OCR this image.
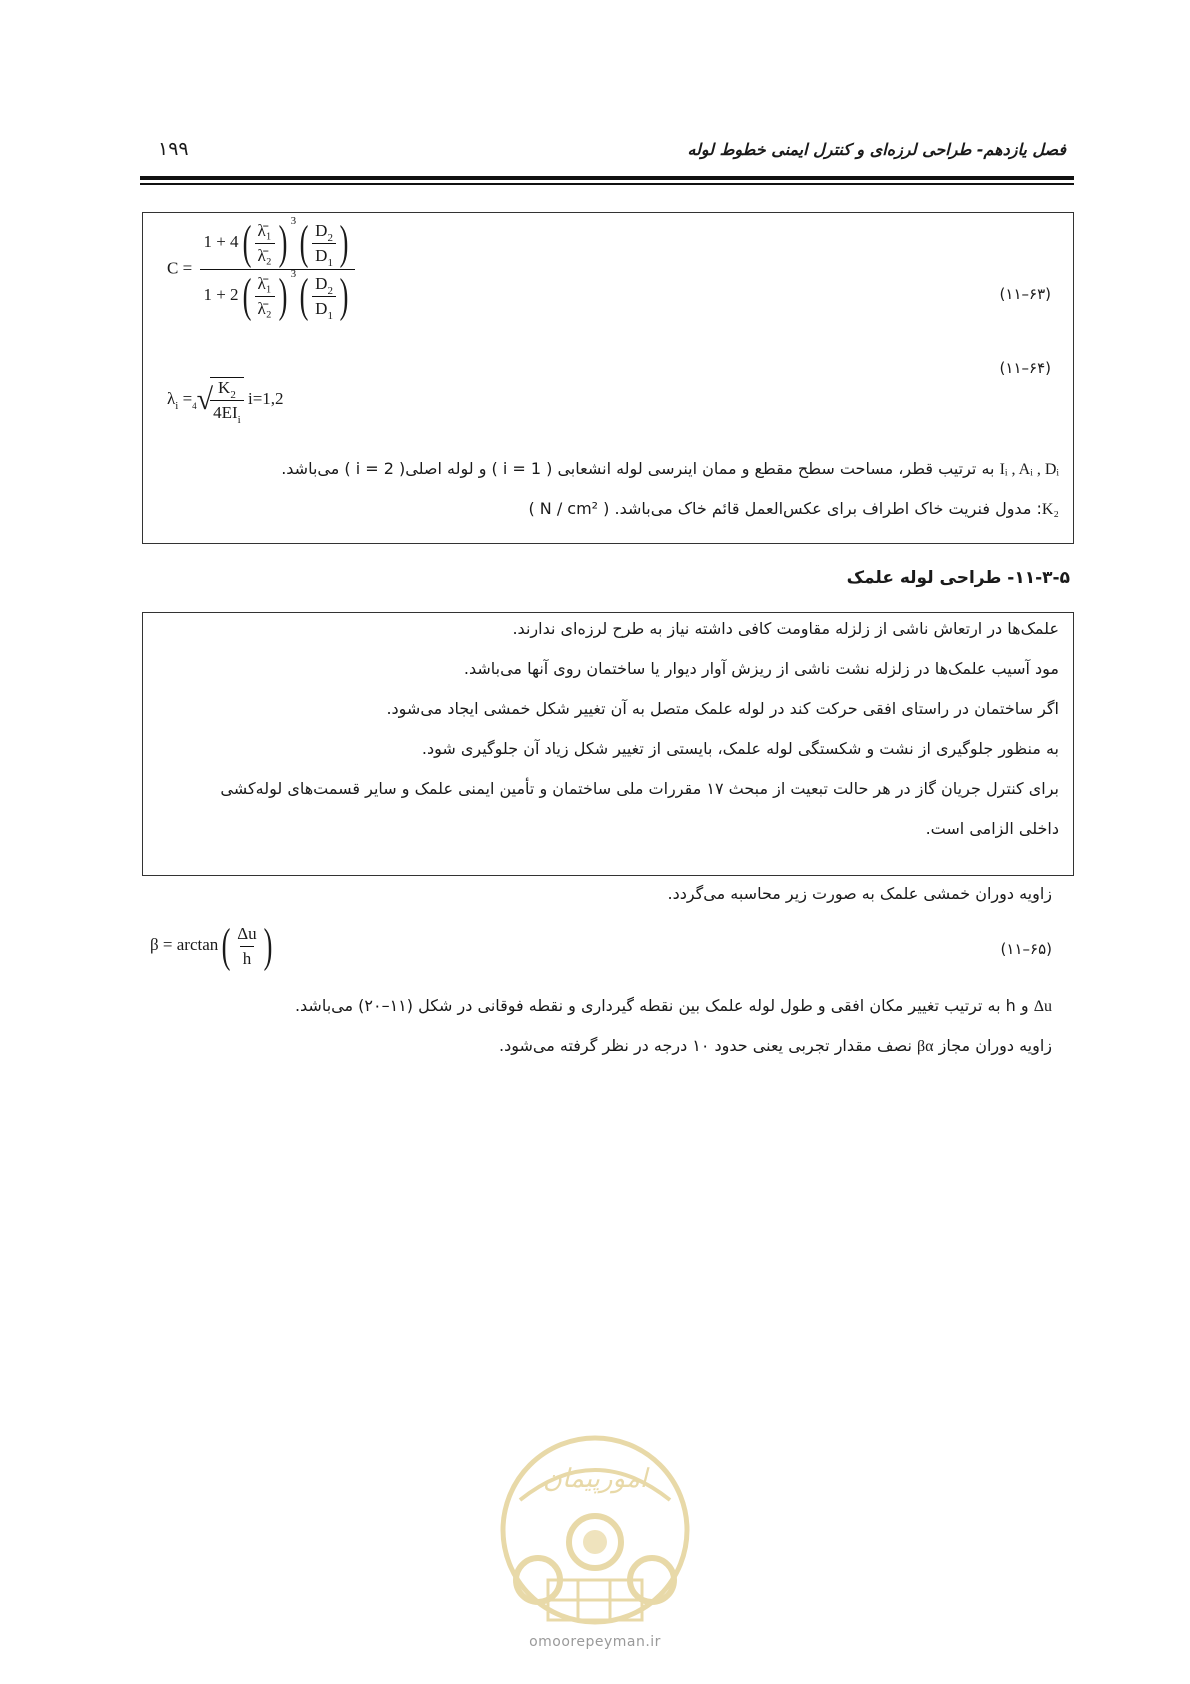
۱۹۹	فصل یازدهم- طراحی لرزه‌ای و کنترل ایمنی خطوط لوله
$C = \frac{1 + 4( \frac{\text{λ̄₁}}{\text{λ̄₂}} ) ^3( \frac{D_2}{D_1} )}{1 + 2( \frac{\text{λ̄₁}}{\text{λ̄₂}} ) ^3( \frac{D_2}{D_1} )}$	(۶۳–۱۱)
$\lambda_i =_4√$
$\frac{K_2}{4EI_i} i=1,2$
(۶۴–۱۱)
Iᵢ , Aᵢ , Dᵢ به ترتیب قطر، مساحت سطح مقطع و ممان اینرسی لوله انشعابی ( i = 1 ) و لوله اصلی( i = 2 ) می‌باشد.
K₂: مدول فنریت خاک اطراف برای عکس‌العمل قائم خاک می‌باشد. ( N / cm² )
۱۱-۳-۵- طراحی لوله علمک
علمک‌ها در ارتعاش ناشی از زلزله مقاومت کافی داشته نیاز به طرح لرزه‌ای ندارند.
مود آسیب علمک‌ها در زلزله نشت ناشی از ریزش آوار دیوار یا ساختمان روی آنها می‌باشد.
اگر ساختمان در راستای افقی حرکت کند در لوله علمک متصل به آن تغییر شکل خمشی ایجاد می‌شود.
به منظور جلوگیری از نشت و شکستگی لوله علمک، بایستی از تغییر شکل زیاد آن جلوگیری شود.
برای کنترل جریان گاز در هر حالت تبعیت از مبحث ۱۷ مقررات ملی ساختمان و تأمین ایمنی علمک و سایر قسمت‌های لوله‌کشی
داخلی الزامی است.
زاویه دوران خمشی علمک به صورت زیر محاسبه می‌گردد.
$\beta = \arctan( \frac{\Delta u}{h}$ )	(۶۵–۱۱)
Δu و h به ترتیب تغییر مکان افقی و طول لوله علمک بین نقطه گیرداری و نقطه فوقانی در شکل (۱۱–۲۰) می‌باشد.
زاویه دوران مجاز βα نصف مقدار تجربی یعنی حدود ۱۰ درجه در نظر گرفته می‌شود.
امورپیمان
omoorepeyman.ir
